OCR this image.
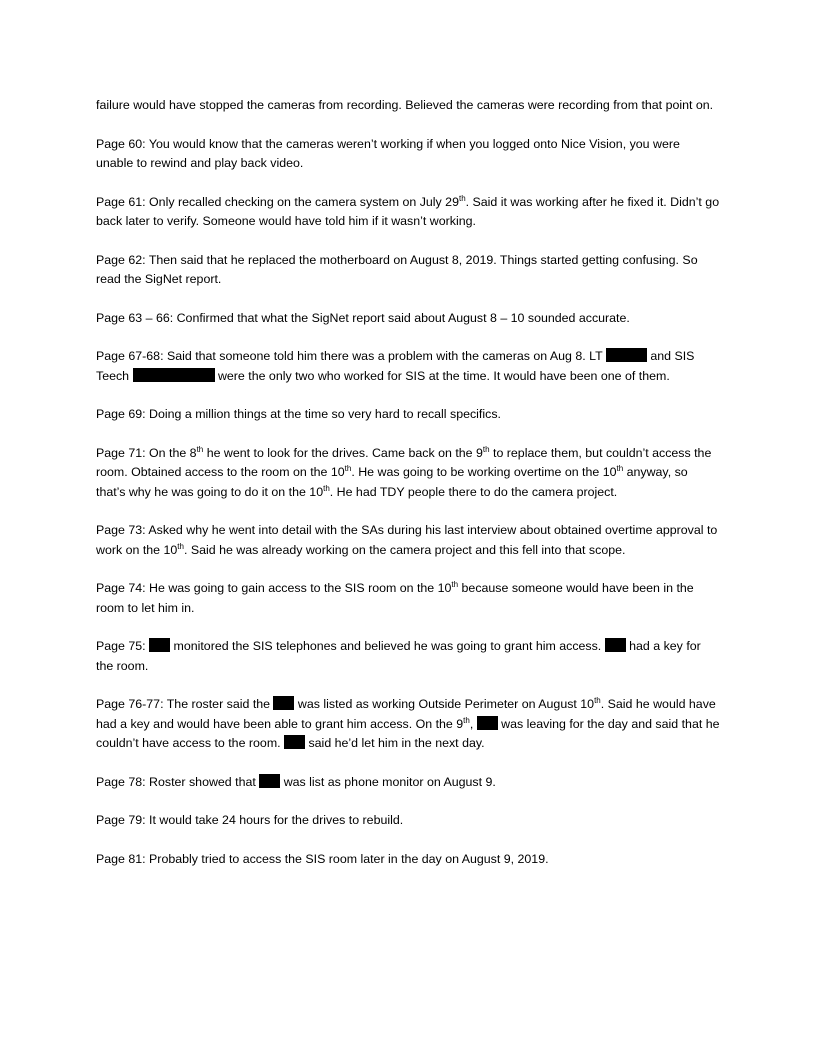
failure would have stopped the cameras from recording. Believed the cameras were recording from that point on.

Page 60: You would know that the cameras weren’t working if when you logged onto Nice Vision, you were unable to rewind and play back video.

Page 61: Only recalled checking on the camera system on July 29th. Said it was working after he fixed it. Didn’t go back later to verify. Someone would have told him if it wasn’t working.

Page 62: Then said that he replaced the motherboard on August 8, 2019. Things started getting confusing. So read the SigNet report.

Page 63 – 66: Confirmed that what the SigNet report said about August 8 – 10 sounded accurate.

Page 67-68: Said that someone told him there was a problem with the cameras on Aug 8. LT	and SIS Teech	were the only two who worked for SIS at the time. It would have been one of them.

Page 69: Doing a million things at the time so very hard to recall specifics.

Page 71: On the 8th he went to look for the drives. Came back on the 9th to replace them, but couldn’t access the room. Obtained access to the room on the 10th. He was going to be working overtime on the 10th anyway, so that’s why he was going to do it on the 10th. He had TDY people there to do the camera project.

Page 73: Asked why he went into detail with the SAs during his last interview about obtained overtime approval to work on the 10th. Said he was already working on the camera project and this fell into that scope.

Page 74: He was going to gain access to the SIS room on the 10th because someone would have been in the room to let him in.

Page 75:  monitored the SIS telephones and believed he was going to grant him access.  had a key for the room.

Page 76-77: The roster said the  was listed as working Outside Perimeter on August 10th. Said he would have had a key and would have been able to grant him access. On the 9th,  was leaving for the day and said that he couldn’t have access to the room.  said he’d let him in the next day.

Page 78: Roster showed that  was list as phone monitor on August 9.

Page 79: It would take 24 hours for the drives to rebuild.

Page 81: Probably tried to access the SIS room later in the day on August 9, 2019.
